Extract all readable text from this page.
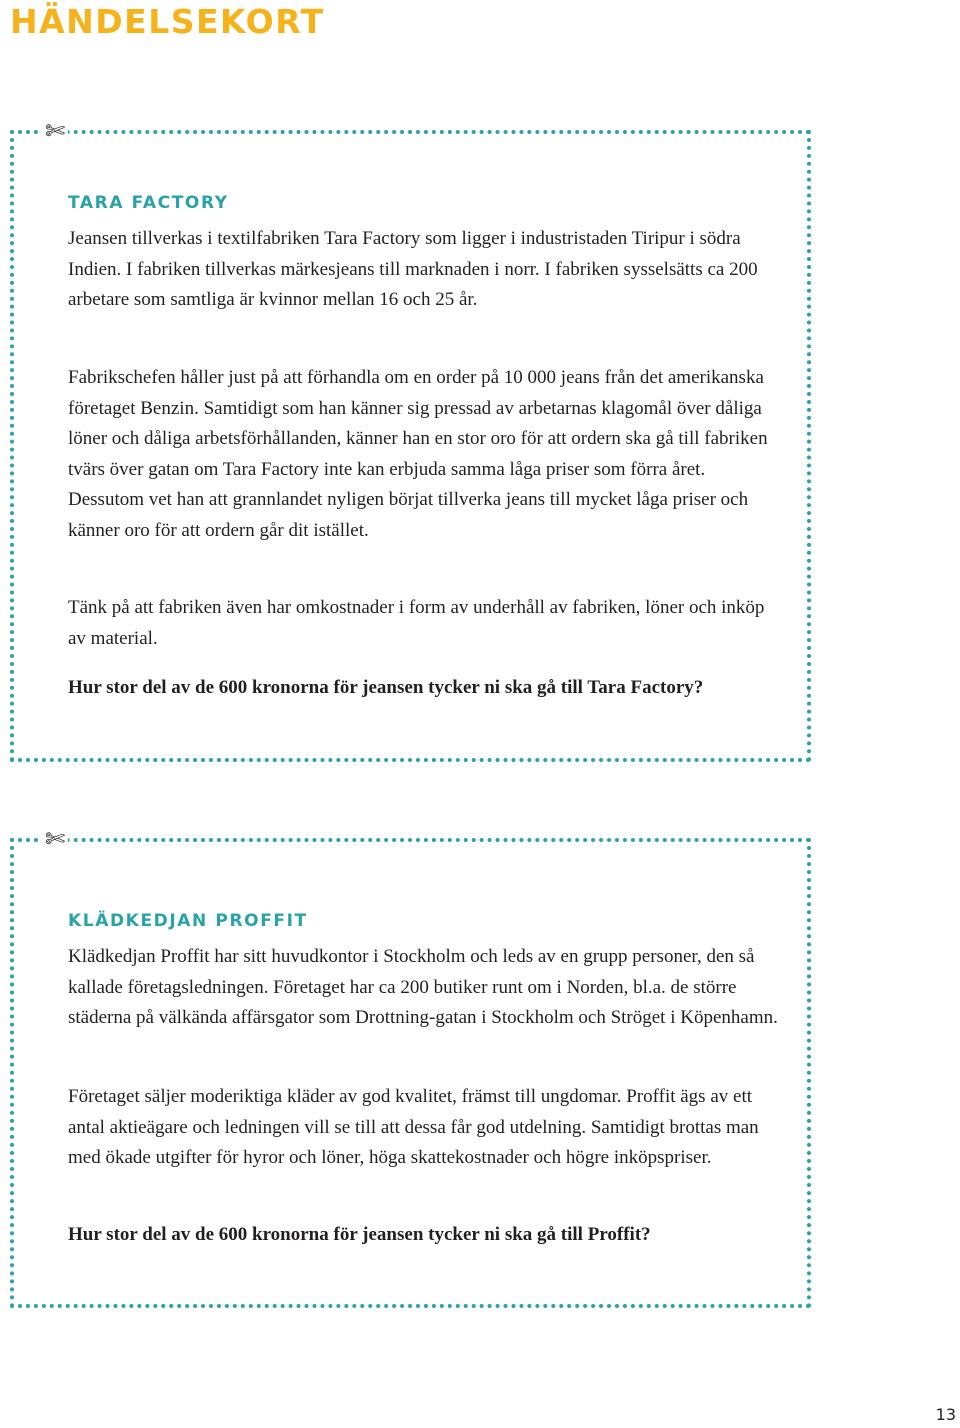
HÄNDELSEKORT
✄
TARA FACTORY

Jeansen tillverkas i textilfabriken Tara Factory som ligger i industristaden Tiripur i södra Indien. I fabriken tillverkas märkesjeans till marknaden i norr. I fabriken sysselsätts ca 200 arbetare som samtliga är kvinnor mellan 16 och 25 år.

Fabrikschefen håller just på att förhandla om en order på 10 000 jeans från det amerikanska företaget Benzin. Samtidigt som han känner sig pressad av arbetarnas klagomål över dåliga löner och dåliga arbetsförhållanden, känner han en stor oro för att ordern ska gå till fabriken tvärs över gatan om Tara Factory inte kan erbjuda samma låga priser som förra året. Dessutom vet han att grannlandet nyligen börjat tillverka jeans till mycket låga priser och känner oro för att ordern går dit istället.

Tänk på att fabriken även har omkostnader i form av underhåll av fabriken, löner och inköp av material.

Hur stor del av de 600 kronorna för jeansen tycker ni ska gå till Tara Factory?

✄
KLÄDKEDJAN PROFFIT

Klädkedjan Proffit har sitt huvudkontor i Stockholm och leds av en grupp personer, den så kallade företagsledningen. Företaget har ca 200 butiker runt om i Norden, bl.a. de större städerna på välkända affärsgator som Drottning-gatan i Stockholm och Ströget i Köpenhamn.

Företaget säljer moderiktiga kläder av god kvalitet, främst till ungdomar. Proffit ägs av ett antal aktieägare och ledningen vill se till att dessa får god utdelning. Samtidigt brottas man med ökade utgifter för hyror och löner, höga skattekostnader och högre inköpspriser.

Hur stor del av de 600 kronorna för jeansen tycker ni ska gå till Proffit?

13
